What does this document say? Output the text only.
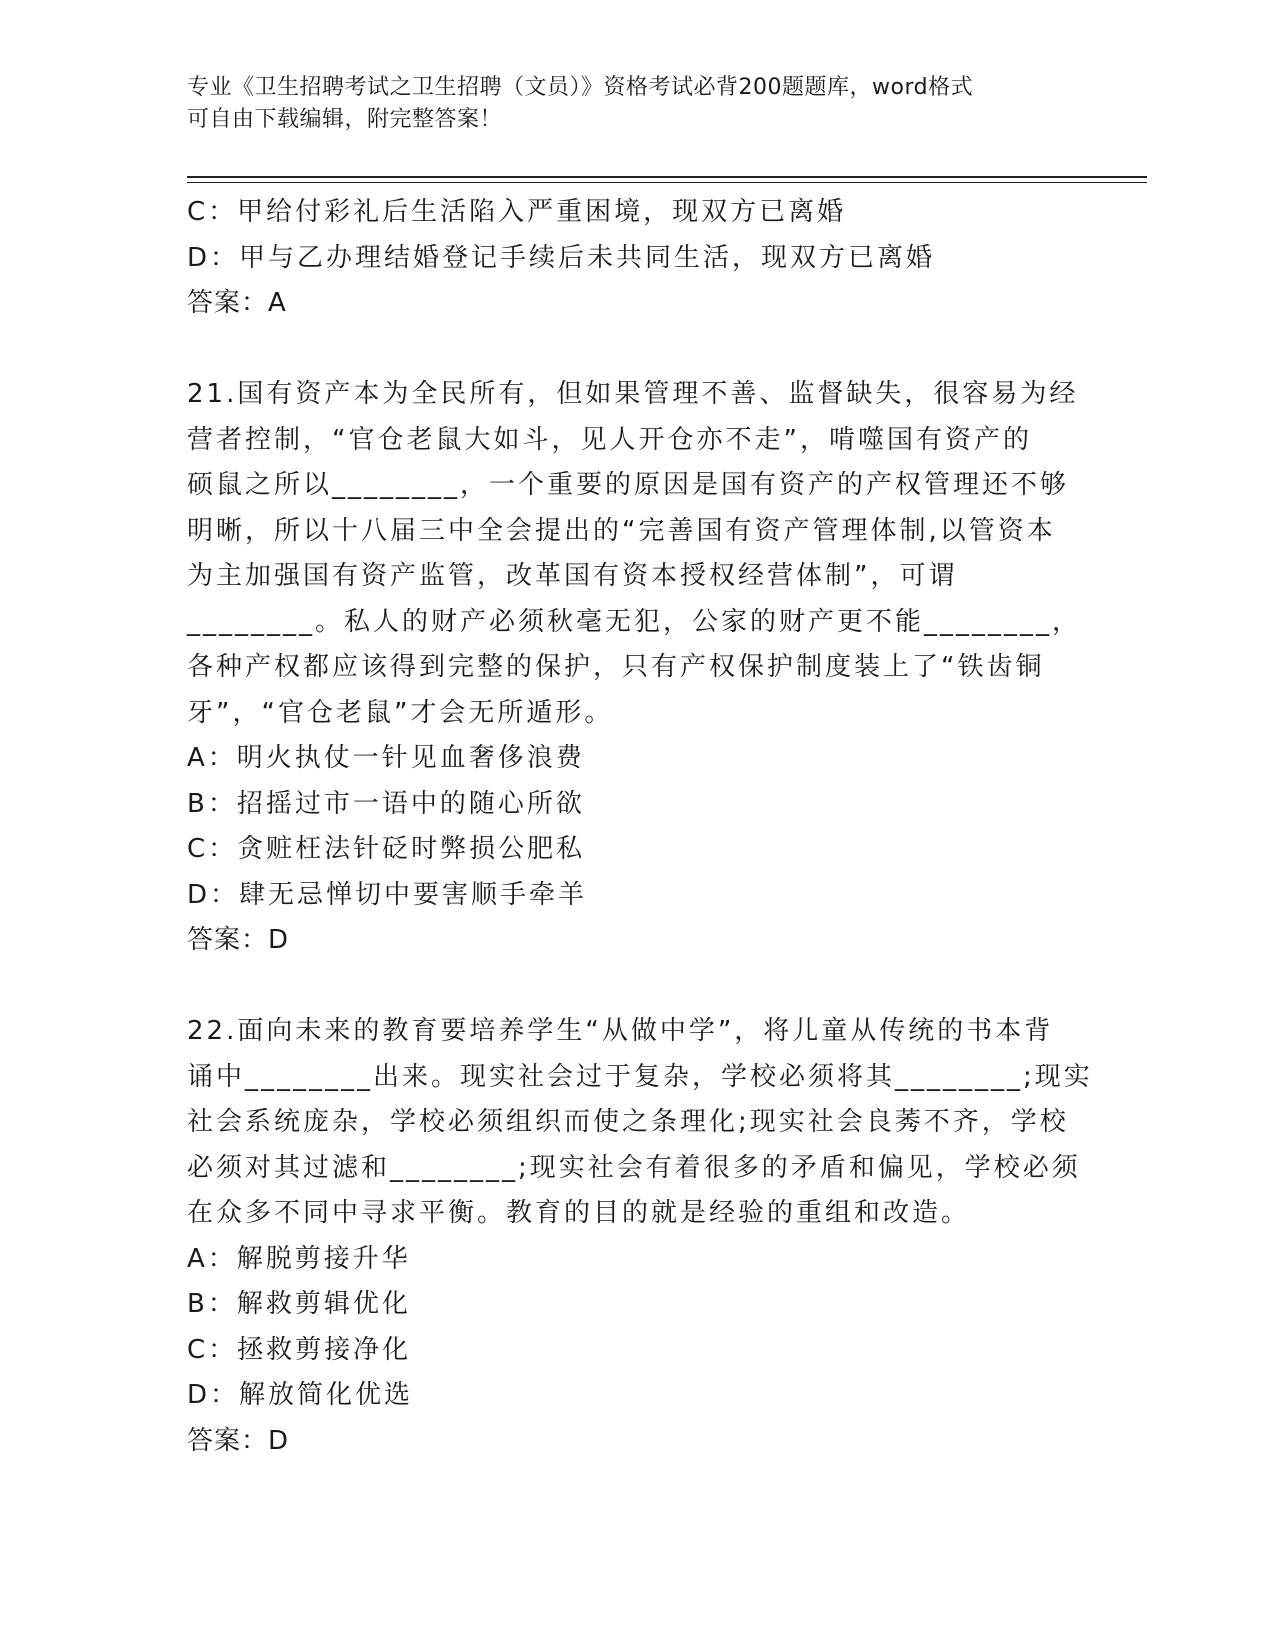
专业《卫生招聘考试之卫生招聘（文员）》资格考试必背200题题库，word格式
可自由下载编辑，附完整答案！
C：甲给付彩礼后生活陷入严重困境，现双方已离婚
D：甲与乙办理结婚登记手续后未共同生活，现双方已离婚
答案：A
21.国有资产本为全民所有，但如果管理不善、监督缺失，很容易为经
营者控制，“官仓老鼠大如斗，见人开仓亦不走”，啃噬国有资产的
硕鼠之所以________，一个重要的原因是国有资产的产权管理还不够
明晰，所以十八届三中全会提出的“完善国有资产管理体制,以管资本
为主加强国有资产监管，改革国有资本授权经营体制”，可谓
________。私人的财产必须秋毫无犯，公家的财产更不能________，
各种产权都应该得到完整的保护，只有产权保护制度装上了“铁齿铜
牙”，“官仓老鼠”才会无所遁形。
A：明火执仗一针见血奢侈浪费
B：招摇过市一语中的随心所欲
C：贪赃枉法针砭时弊损公肥私
D：肆无忌惮切中要害顺手牵羊
答案：D
22.面向未来的教育要培养学生“从做中学”，将儿童从传统的书本背
诵中________出来。现实社会过于复杂，学校必须将其________;现实
社会系统庞杂，学校必须组织而使之条理化;现实社会良莠不齐，学校
必须对其过滤和________;现实社会有着很多的矛盾和偏见，学校必须
在众多不同中寻求平衡。教育的目的就是经验的重组和改造。
A：解脱剪接升华
B：解救剪辑优化
C：拯救剪接净化
D：解放简化优选
答案：D
